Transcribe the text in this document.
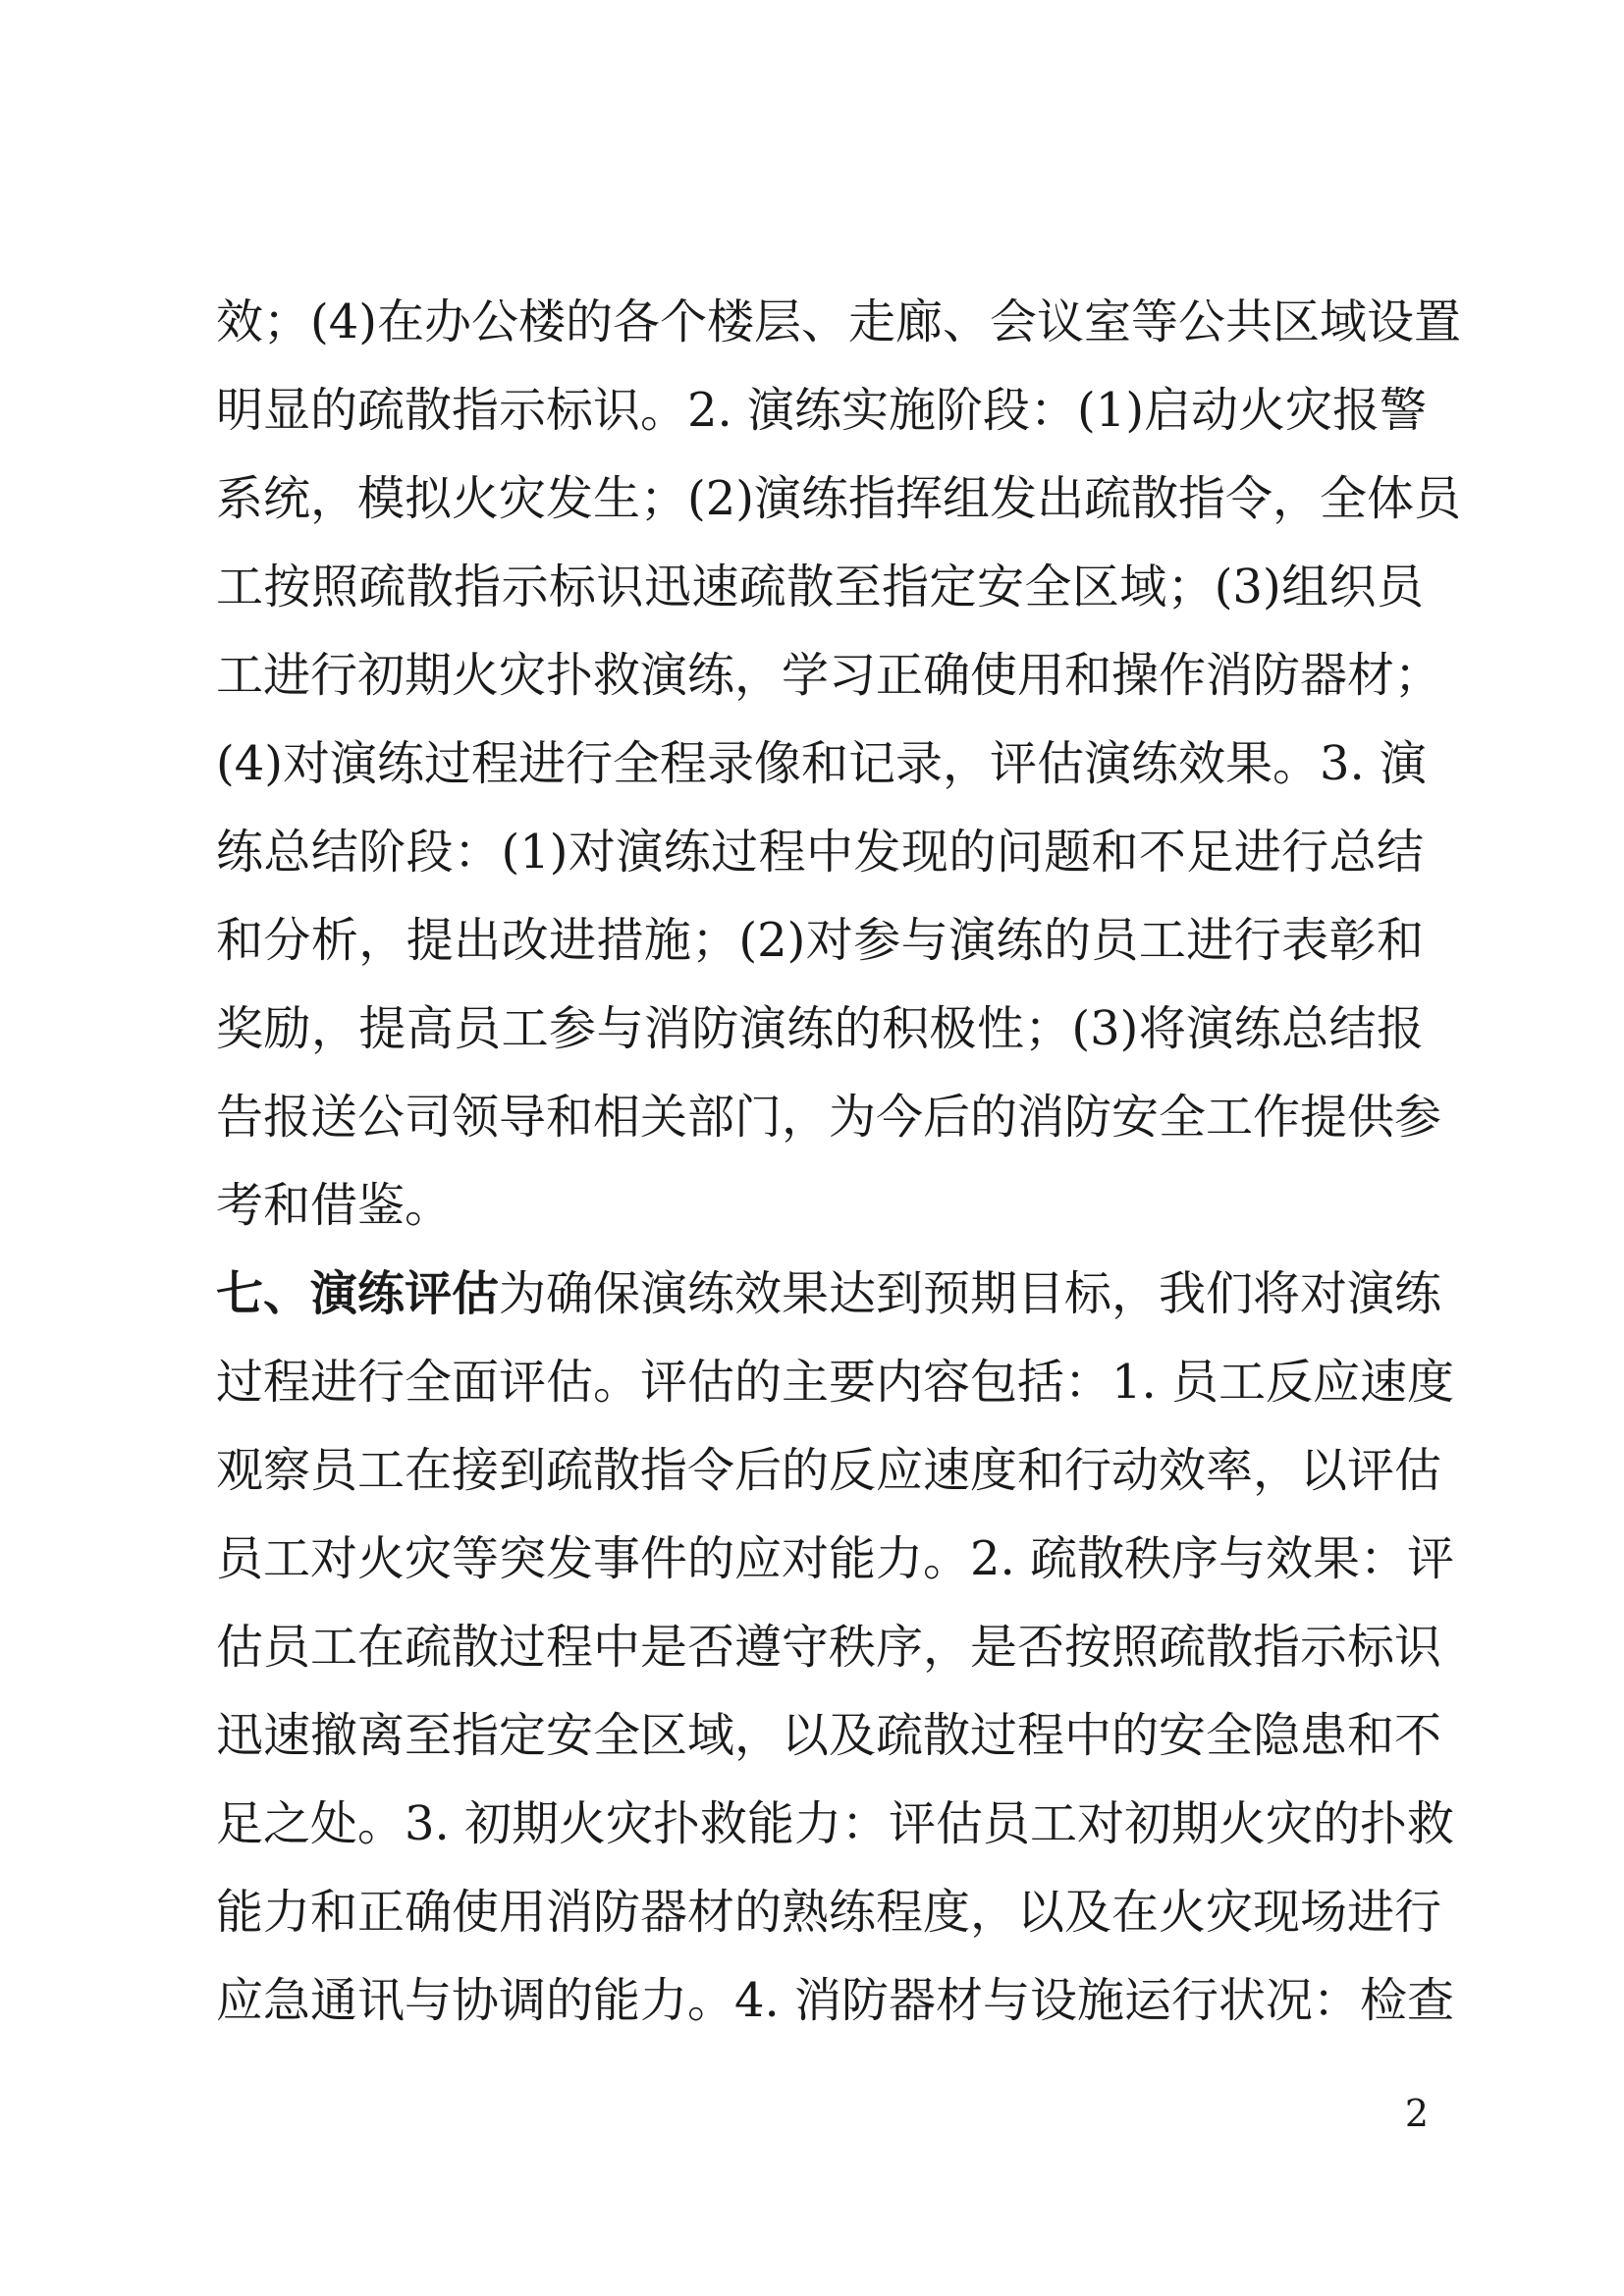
效；(4)在办公楼的各个楼层、走廊、会议室等公共区域设置
明显的疏散指示标识。2. 演练实施阶段：(1)启动火灾报警
系统，模拟火灾发生；(2)演练指挥组发出疏散指令，全体员
工按照疏散指示标识迅速疏散至指定安全区域；(3)组织员
工进行初期火灾扑救演练，学习正确使用和操作消防器材；
(4)对演练过程进行全程录像和记录，评估演练效果。3. 演
练总结阶段：(1)对演练过程中发现的问题和不足进行总结
和分析，提出改进措施；(2)对参与演练的员工进行表彰和
奖励，提高员工参与消防演练的积极性；(3)将演练总结报
告报送公司领导和相关部门，为今后的消防安全工作提供参
考和借鉴。
七、演练评估为确保演练效果达到预期目标，我们将对演练
过程进行全面评估。评估的主要内容包括：1. 员工反应速度
观察员工在接到疏散指令后的反应速度和行动效率，以评估
员工对火灾等突发事件的应对能力。2. 疏散秩序与效果：评
估员工在疏散过程中是否遵守秩序，是否按照疏散指示标识
迅速撤离至指定安全区域，以及疏散过程中的安全隐患和不
足之处。3. 初期火灾扑救能力：评估员工对初期火灾的扑救
能力和正确使用消防器材的熟练程度，以及在火灾现场进行
应急通讯与协调的能力。4. 消防器材与设施运行状况：检查
2
